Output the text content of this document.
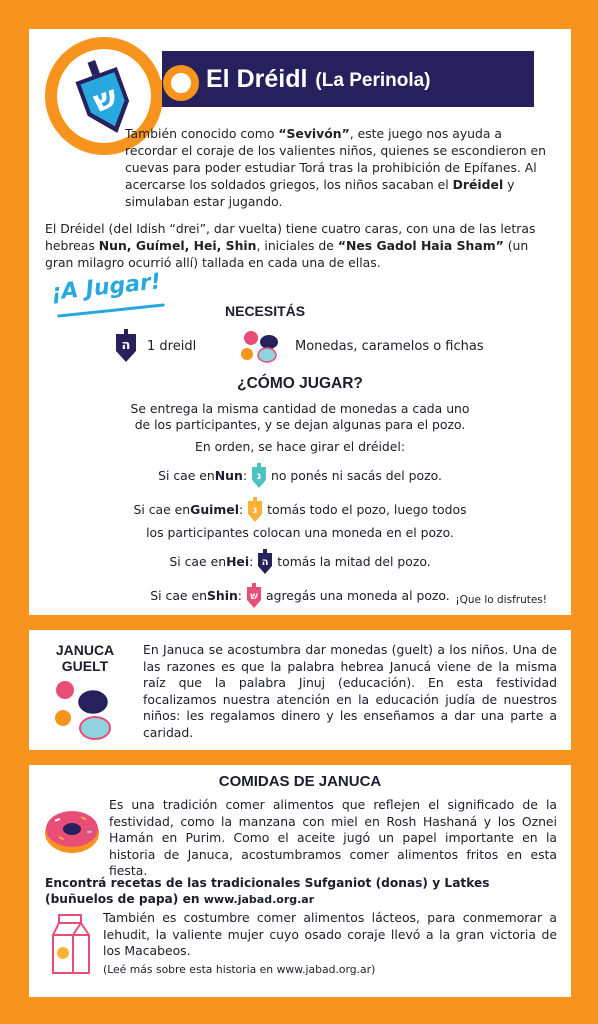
El Dréidl (La Perinola)
ש

También conocido como “Sevivón”, este juego nos ayuda a recordar el coraje de los valientes niños, quienes se escondieron en cuevas para poder estudiar Torá tras la prohibición de Epífanes. Al acercarse los soldados griegos, los niños sacaban el Dréidel y simulaban estar jugando.

El Dréidel (del Idish “drei”, dar vuelta) tiene cuatro caras, con una de las letras hebreas Nun, Guímel, Hei, Shin, iniciales de “Nes Gadol Haia Sham” (un gran milagro ocurrió allí) tallada en cada una de ellas.

¡A Jugar!
NECESITÁS
ה 1 dreidl	Monedas, caramelos o fichas
¿CÓMO JUGAR?
Se entrega la misma cantidad de monedas a cada uno
de los participantes, y se dejan algunas para el pozo.
En orden, se hace girar el dréidel:
Si cae en Nun : נ no ponés ni sacás del pozo.
Si cae en Guimel : ג tomás todo el pozo, luego todos
los participantes colocan una moneda en el pozo.
Si cae en Hei : ה tomás la mitad del pozo.
Si cae en Shin : ש agregás una moneda al pozo. ¡Que lo disfrutes!
JANUCA
GUELT
En Januca se acostumbra dar monedas (guelt) a los niños. Una de las razones es que la palabra hebrea Janucá viene de la misma raíz que la palabra Jinuj (educación). En esta festividad focalizamos nuestra atención en la educación judía de nuestros niños: les regalamos dinero y les enseñamos a dar una parte a caridad.
COMIDAS DE JANUCA
Es una tradición comer alimentos que reflejen el significado de la festividad, como la manzana con miel en Rosh Hashaná y los Oznei Hamán en Purim. Como el aceite jugó un papel importante en la historia de Januca, acostumbramos comer alimentos fritos en esta fiesta.
Encontrá recetas de las tradicionales Sufganiot (donas) y Latkes (buñuelos de papa) en www.jabad.org.ar
También es costumbre comer alimentos lácteos, para conmemorar a Iehudit, la valiente mujer cuyo osado coraje llevó a la gran victoria de los Macabeos.
(Leé más sobre esta historia en www.jabad.org.ar)
